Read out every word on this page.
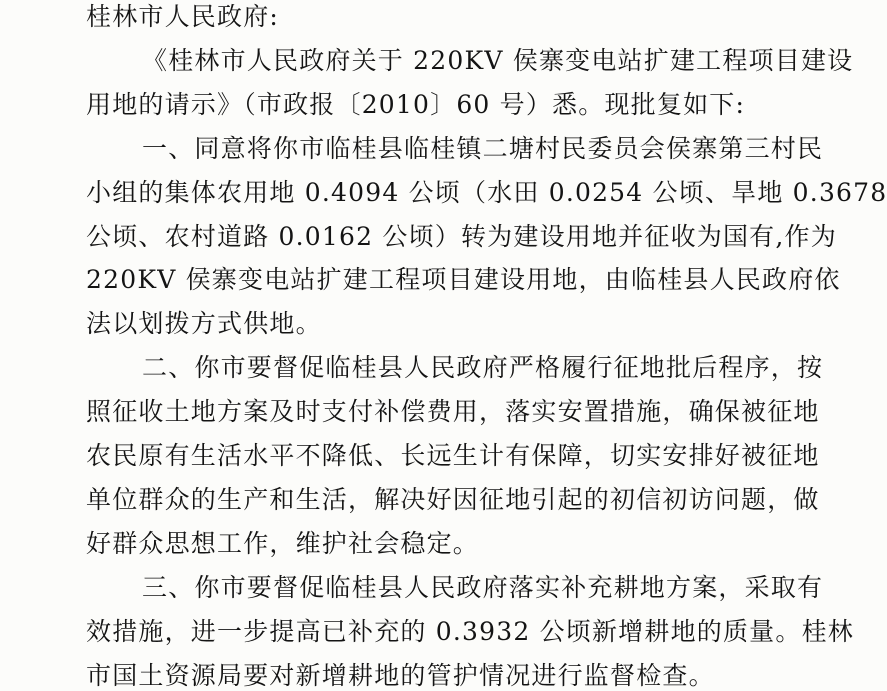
桂林市人民政府:
《桂林市人民政府关于 220KV 侯寨变电站扩建工程项目建设
用地的请示》（市政报〔2010〕60 号）悉。现批复如下:
一、同意将你市临桂县临桂镇二塘村民委员会侯寨第三村民
小组的集体农用地 0.4094 公顷（水田 0.0254 公顷、旱地 0.3678
公顷、农村道路 0.0162 公顷）转为建设用地并征收为国有,作为
220KV 侯寨变电站扩建工程项目建设用地，由临桂县人民政府依
法以划拨方式供地。
二、你市要督促临桂县人民政府严格履行征地批后程序，按
照征收土地方案及时支付补偿费用，落实安置措施，确保被征地
农民原有生活水平不降低、长远生计有保障，切实安排好被征地
单位群众的生产和生活，解决好因征地引起的初信初访问题，做
好群众思想工作，维护社会稳定。
三、你市要督促临桂县人民政府落实补充耕地方案，采取有
效措施，进一步提高已补充的 0.3932 公顷新增耕地的质量。桂林
市国土资源局要对新增耕地的管护情况进行监督检查。
